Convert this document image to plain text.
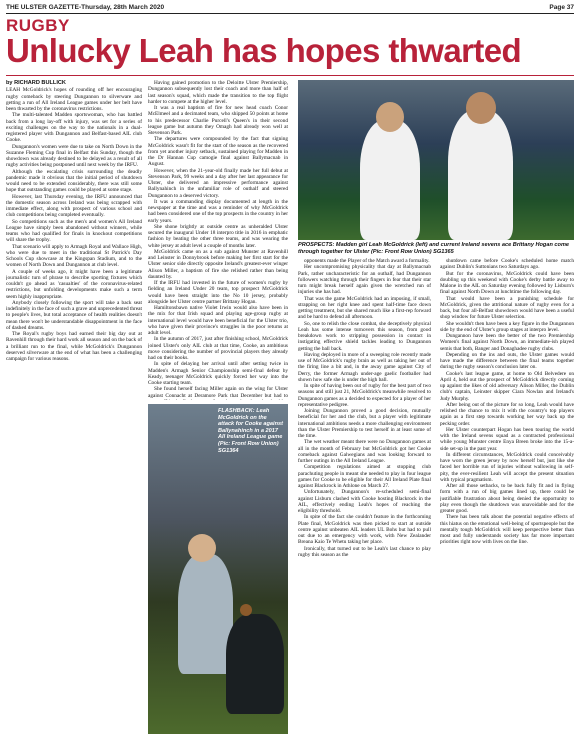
THE ULSTER GAZETTE-Thursday, 28th March 2020	Page 37
RUGBY
Unlucky Leah has hopes thwarted
by RICHARD BULLICK

LEAH McGoldrick's hopes of rounding off her encouraging rugby comeback by steering Dungannon to silverware and getting a run of All Ireland League games under her belt have been thwarted by the coronavirus restrictions.

The multi-talented Madden sportswoman, who has battled back from a long lay-off with injury, was set for a series of exciting challenges on the way to the nationals in a dual-registered player with Dungannon and Belfast-based AIL club Cooke.

Dungannon's women were due to take on North Down in the Suzanne Fleming Cup final in Belfast this Sunday, though the showdown was already destined to be delayed as a result of all rugby activities being postponed until next week by the IRFU.

Although the escalating crisis surrounding the deadly pandemic made it obvious that the initial period of shutdown would need to be extended considerably, there was still some hope that outstanding games could be played at some stage.

However, last Thursday evening, the IRFU announced that the domestic season across Ireland was being scrapped with immediate effect, along with prospect of various school and club competitions being completed eventually.

So competitions such as the men's and women's All Ireland League have simply been abandoned without winners, while teams who had qualified for finals in knockout competitions will share the trophy.

That scenario will apply to Armagh Royal and Wallace High, who were due to meet in the traditional St Patrick's Day Schools Cup showcase at the Kingspan Stadium, and to the women of North Down and Dungannon at club level.

A couple of weeks ago, it might have been a legitimate journalistic turn of phrase to describe sporting fixtures which couldn't go ahead as 'casualties' of the coronavirus-related restrictions, but unfolding developments make such a term seem highly inappropriate.

Anybody closely following the sport will take a back seat indefinitely in the face of such a grave and unprecedented threat to people's lives, but total acceptance of health realities doesn't mean there won't be understandable disappointment in the face of dashed dreams.

The Royal's rugby boys had earned their big day out at Ravenhill through their hard work all season and on the back of a brilliant run to the final, while McGoldrick's Dungannon deserved silverware at the end of what has been a challenging campaign for various reasons.

Having gained promotion to the Deloitte Ulster Premiership, Dungannon subsequently lost their coach and more than half of last season's squad, which made the transition to the top flight harder to compete at the higher level.

It was a real baptism of fire for new head coach Conor McElmeel and a decimated team, who shipped 50 points at home to his predecessor Charlie Purcell's Queen's in their second league game but autumn they Omagh had already won well at Stevenson Park.

The departures were compounded by the fact that signing McGoldrick wasn't fit for the start of the season as the recovered from yet another injury setback, sustained playing for Madden in the Dr Hannan Cup camogie final against Ballymacnab in August.

However, when the 21-year-old finally made her full debut at Stevenson Park, 99 weeks and a day after her last appearance for Ulster, she delivered an impressive performance against Ballynahinch in the unfamiliar role of outhalf and steered Dungannon to a deserved victory.

It was a commanding display documented at length in the newspaper at the time and was a reminder of why McGoldrick had been considered one of the top prospects in the country in her early years.

She shone brightly at outside centre as unheralded Ulster secured the inaugural Under 18 interpro title in 2016 in emphatic fashion by beating the other three teams, and was wearing the white jersey at adult level a couple of months later.

McGoldrick came on as a sub against Munster at Ravenhill and Leinster in Donnybrook before making her first start for the Ulster senior side directly opposite Ireland's greatest-ever winger Alison Miller, a baptism of fire she relished rather than being daunted by.

If the IRFU had invested in the future of women's rugby by fielding an Ireland Under 20 team, top prospect McGoldrick would have been straight into the No 10 jersey, probably alongside her Ulster centre partner Brittany Hogan.

Hamiltonsbawn native Violet Irwin would also have been in the mix for that Irish squad and playing age-group rugby at international level would have been beneficial for the Ulster trio, who have given their province's struggles in the poor returns at adult level.

In the autumn of 2017, just after finishing school, McGoldrick joined Ulster's only AIL club at that time, Cooke, an ambitious move considering the number of provincial players they already had on their books.

In spite of delaying her arrival until after setting twice in Madden's Armagh Senior Championship semi-final defeat by Keady, teenager McGoldrick quickly forced her way into the Cooke starting team.

She found herself facing Miller again on the wing for Ulster against Connacht at Deramore Park that December but had to

FLASHBACK: Leah McGoldrick on the attack for Cooke against Ballynahinch in a 2017 All Ireland League game (Pic: Front Row Union) SG1364
PROSPECTS: Madden girl Leah McGoldrick (left) and current Ireland sevens ace Brittany Hogan come through together for Ulster (Pic: Front Row Union) SG1365

opponents made the Player of the Match award a formality.

Her uncompromising physicality that day at Ballymacnab Park, rather uncharacteristic for an outhalf, had Dungannon followers watching through their fingers in fear that their star turn might break herself again given the wretched run of injuries she has had.

That was the game McGoldrick had an imposing, if small, strapping on her right knee and spent half-time face down getting treatment, but she shared much like a first-rep forward and be hard to defend all afternoon.

So, one to relish the close combat, she deceptively physical Leah has some intense turnovers this season, from good breakdown work to stripping possession in contact in instigating effective shield tackles leading to Dungannon getting the ball back.

Having deployed in more of a sweeping role recently made use of McGoldrick's rugby brain as well as taking her out of the firing line a bit and, in the away game against City of Derry, the former Armagh under-age gaelic footballer had shown how safe she is under the high ball.

In spite of having been out of rugby for the best part of two seasons and still just 21, McGoldrick's meanwhile resolved to Dungannon games as a decided to expected for a player of her representative pedigree.

Joining Dungannon proved a good decision, mutually beneficial for her and the club, but a player with legitimate international ambitions needs a more challenging environment than the Ulster Premiership to test herself in at least some of the time.

The wet weather meant there were no Dungannon games at all in the month of February but McGoldrick got her Cooke comeback against Galwegians and was looking forward to further outings in the All Ireland League.

Competition regulations aimed at stopping club parachuting people in meant she needed to play in four league games for Cooke to be eligible for their All Ireland Plate final against Blackrock in Athlone on March 27.

Unfortunately, Dungannon's re-scheduled semi-final against Lisburn clashed with Cooke hosting Blackrock in the AIL, effectively ending Leah's hopes of reaching the eligibility threshold.

In spite of the fact she couldn't feature in the forthcoming Plate final, McGoldrick was then picked to start at outside centre against unbeaten AIL leaders UL Bohs but had to pull out due to an emergency with work, with New Zealander Breana Kaio Te Whetu taking her place.

Ironically, that turned out to be Leah's last chance to play rugby this season as the

shutdown came before Cooke's scheduled home match against Dublin's Suttonians two Saturdays ago.

But for the coronavirus, McGoldrick could have been doubling up this weekend with Cooke's derby battle away to Malone in the AIL on Saturday evening followed by Lisburn's final against North Down at lunchtime the following day.

That would have been a punishing schedule for McGoldrick, given the attritional nature of rugby even for a back, but four all-Belfast showdown would have been a useful shop window for future Ulster selection.

She wouldn't then have been a key figure in the Dungannon side by the end of Ulster's group stages at interpro level.

Dungannon have been the better of the two Premiership Women's final against North Down, an immediate-ish played semis that both, Banger and Donaghadee rugby clubs.

Depending on the ins and outs, the Ulster games would have made the difference between the final teams together during the rugby season's conclusion later on.

Cooke's last league game, at home to Old Belvedere on April 4, held out the prospect of McGoldrick directly coming up against the likes of old adversary Alison Miller, the Dublin club's captain, Leinster skipper Ciara Nowlan and Ireland's Judy Murphy.

After being out of the picture for so long, Leah would have relished the chance to mix it with the country's top players again as a first step towards working her way back up the pecking order.

Her Ulster counterpart Hogan has been touring the world with the Ireland sevens squad as a contracted professional while young Munster centre Enya Breen broke into the 15-a-side set-up in the past year.

In different circumstances, McGoldrick could conceivably have worn the green jersey by now herself but, just like she faced her horrible run of injuries without wallowing in self-pity, the ever-resilient Leah will accept the present situation with typical pragmatism.

After all those setbacks, to be back fully fit and in flying form with a run of big games lined up, there could be justifiable frustration about being denied the opportunity to play even though the shutdown was unavoidable and for the greater good.

There has been talk about the potential negative effects of this hiatus on the emotional well-being of sportspeople but the mentally tough McGoldrick will keep perspective better than most and fully understands society has far more important priorities right now with lives on the line.
